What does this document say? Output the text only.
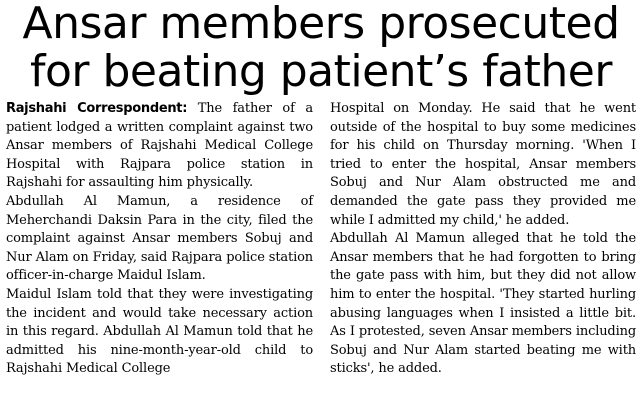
Ansar members prosecuted
for beating patient’s father

Rajshahi Correspondent: The father of a patient lodged a written complaint against two Ansar members of Rajshahi Medical College Hospital with Rajpara police station in Rajshahi for assaulting him physically.

Abdullah Al Mamun, a residence of Meherchandi Daksin Para in the city, filed the complaint against Ansar members Sobuj and Nur Alam on Friday, said Rajpara police station officer-in-charge Maidul Islam.

Maidul Islam told that they were investigating the incident and would take necessary action in this regard. Abdullah Al Mamun told that he admitted his nine-month-year-old child to Rajshahi Medical College

Hospital on Monday. He said that he went outside of the hospital to buy some medicines for his child on Thursday morning. 'When I tried to enter the hospital, Ansar members Sobuj and Nur Alam obstructed me and demanded the gate pass they provided me while I admitted my child,' he added.

Abdullah Al Mamun alleged that he told the Ansar members that he had forgotten to bring the gate pass with him, but they did not allow him to enter the hospital. 'They started hurling abusing languages when I insisted a little bit. As I protested, seven Ansar members including Sobuj and Nur Alam started beating me with sticks', he added.
